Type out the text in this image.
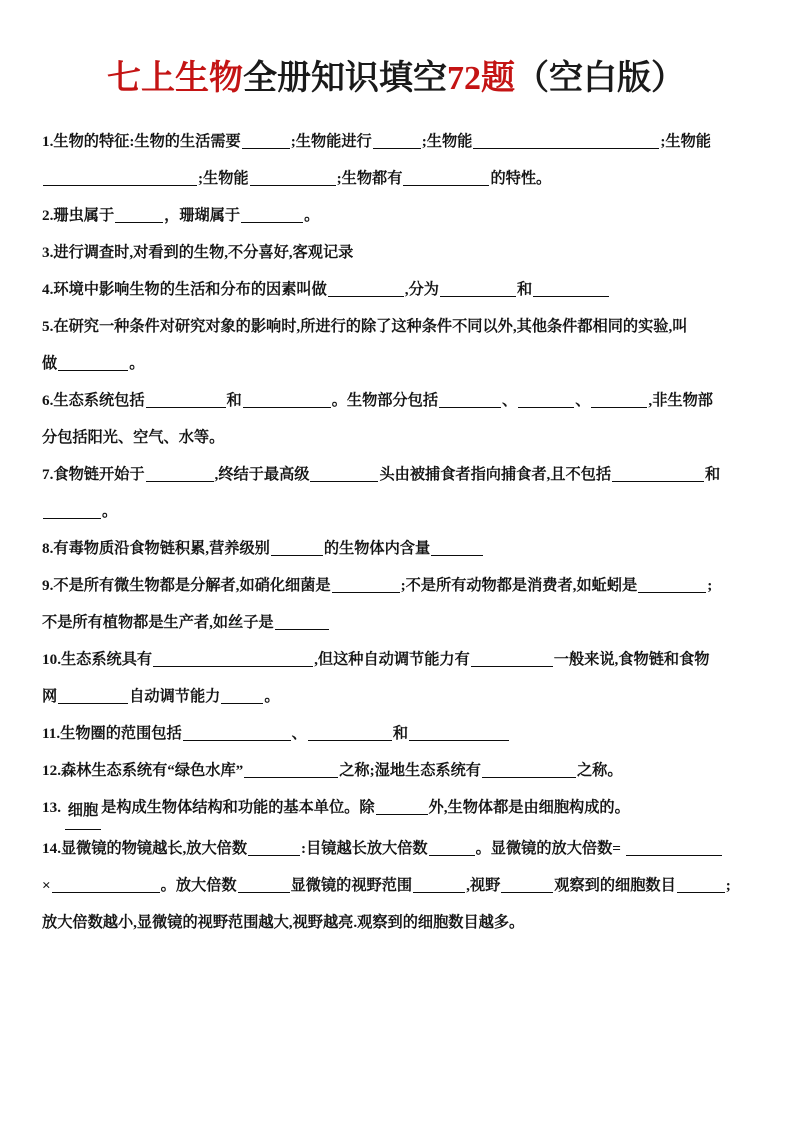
七上生物全册知识填空72题（空白版）
1.生物的特征:生物的生活需要	;生物能进行	;生物能	;生物能
;生物能	;生物都有	的特性。
2.珊虫属于	，珊瑚属于	。
3.进行调查时,对看到的生物,不分喜好,客观记录
4.环境中影响生物的生活和分布的因素叫做	,分为	和
5.在研究一种条件对研究对象的影响时,所进行的除了这种条件不同以外,其他条件都相同的实验,叫
做	。
6.生态系统包括	和	。生物部分包括	、	、	,非生物部
分包括阳光、空气、水等。
7.食物链开始于	,终结于最高级	头由被捕食者指向捕食者,且不包括	和
。
8.有毒物质沿食物链积累,营养级别	的生物体内含量
9.不是所有微生物都是分解者,如硝化细菌是	;不是所有动物都是消费者,如蚯蚓是	;
不是所有植物都是生产者,如丝子是
10.生态系统具有	,但这种自动调节能力有	一般来说,食物链和食物
网	自动调节能力	。
11.生物圈的范围包括	、	和
12.森林生态系统有“绿色水库”	之称;湿地生态系统有	之称。
13. 细胞 是构成生物体结构和功能的基本单位。除	外,生物体都是由细胞构成的。
14.显微镜的物镜越长,放大倍数	:目镜越长放大倍数	。显微镜的放大倍数=
×	。放大倍数	显微镜的视野范围	,视野	观察到的细胞数目	;
放大倍数越小,显微镜的视野范围越大,视野越亮.观察到的细胞数目越多。
